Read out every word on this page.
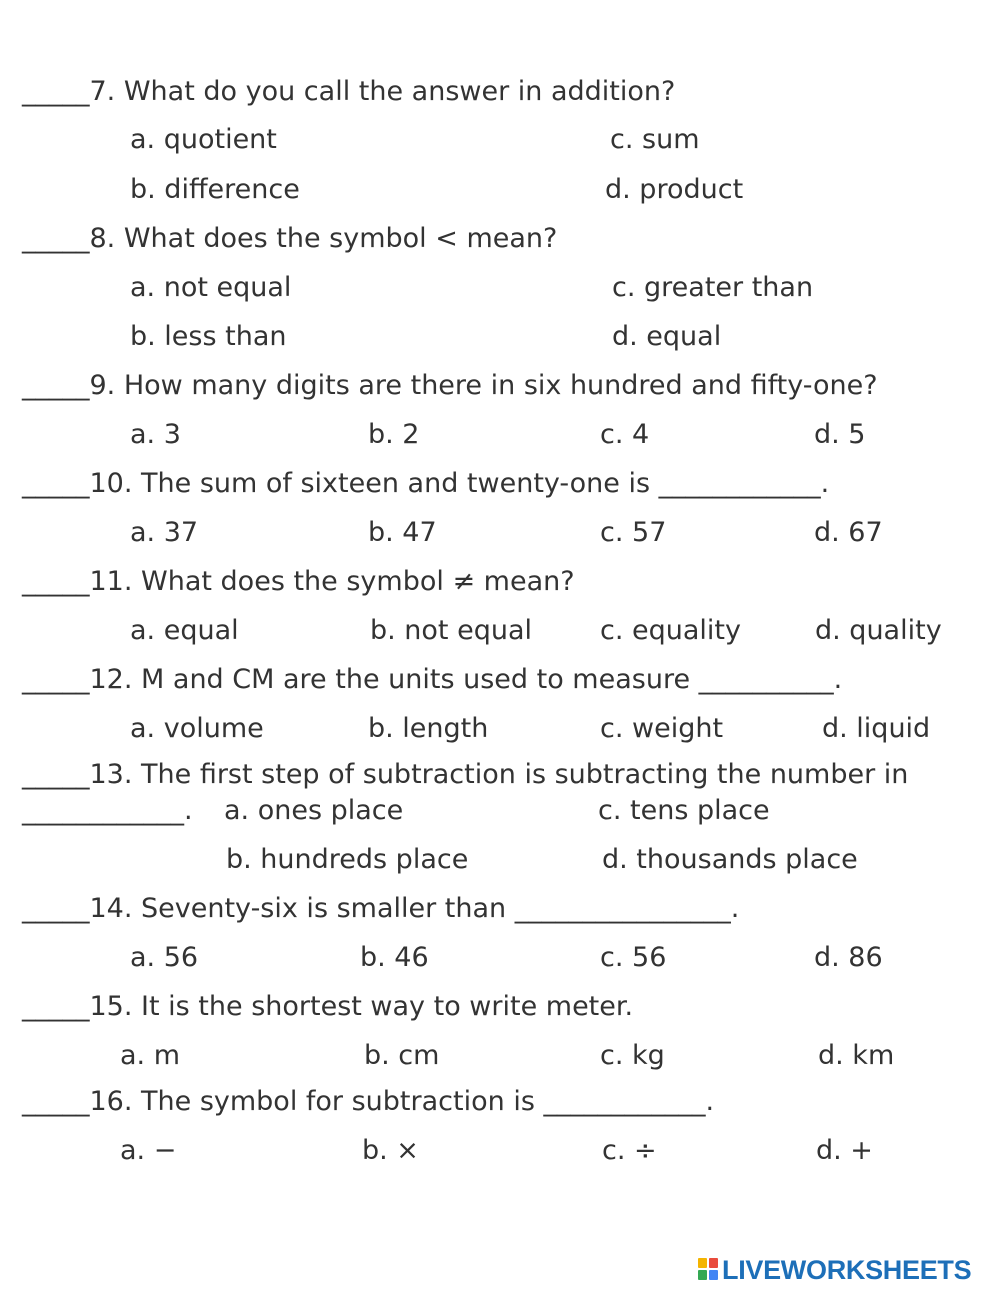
_____7. What do you call the answer in addition?

a. quotient	c. sum

b. difference	d. product

_____8. What does the symbol < mean?

a. not equal	c. greater than

b. less than	d. equal

_____9. How many digits are there in six hundred and fifty-one?

a. 3	b. 2	c. 4	d. 5

_____10. The sum of sixteen and twenty-one is ____________.

a. 37	b. 47	c. 57	d. 67

_____11. What does the symbol ≠ mean?

a. equal	b. not equal	c. equality	d. quality

_____12. M and CM are the units used to measure __________.

a. volume	b. length	c. weight	d. liquid

_____13. The first step of subtraction is subtracting the number in

____________. a. ones place	c. tens place

b. hundreds place	d. thousands place

_____14. Seventy-six is smaller than ________________.

a. 56	b. 46	c. 56	d. 86

_____15. It is the shortest way to write meter.

a. m	b. cm	c. kg	d. km

_____16. The symbol for subtraction is ____________.

a. −	b. ×	c. ÷	d. +

LIVEWORKSHEETS
